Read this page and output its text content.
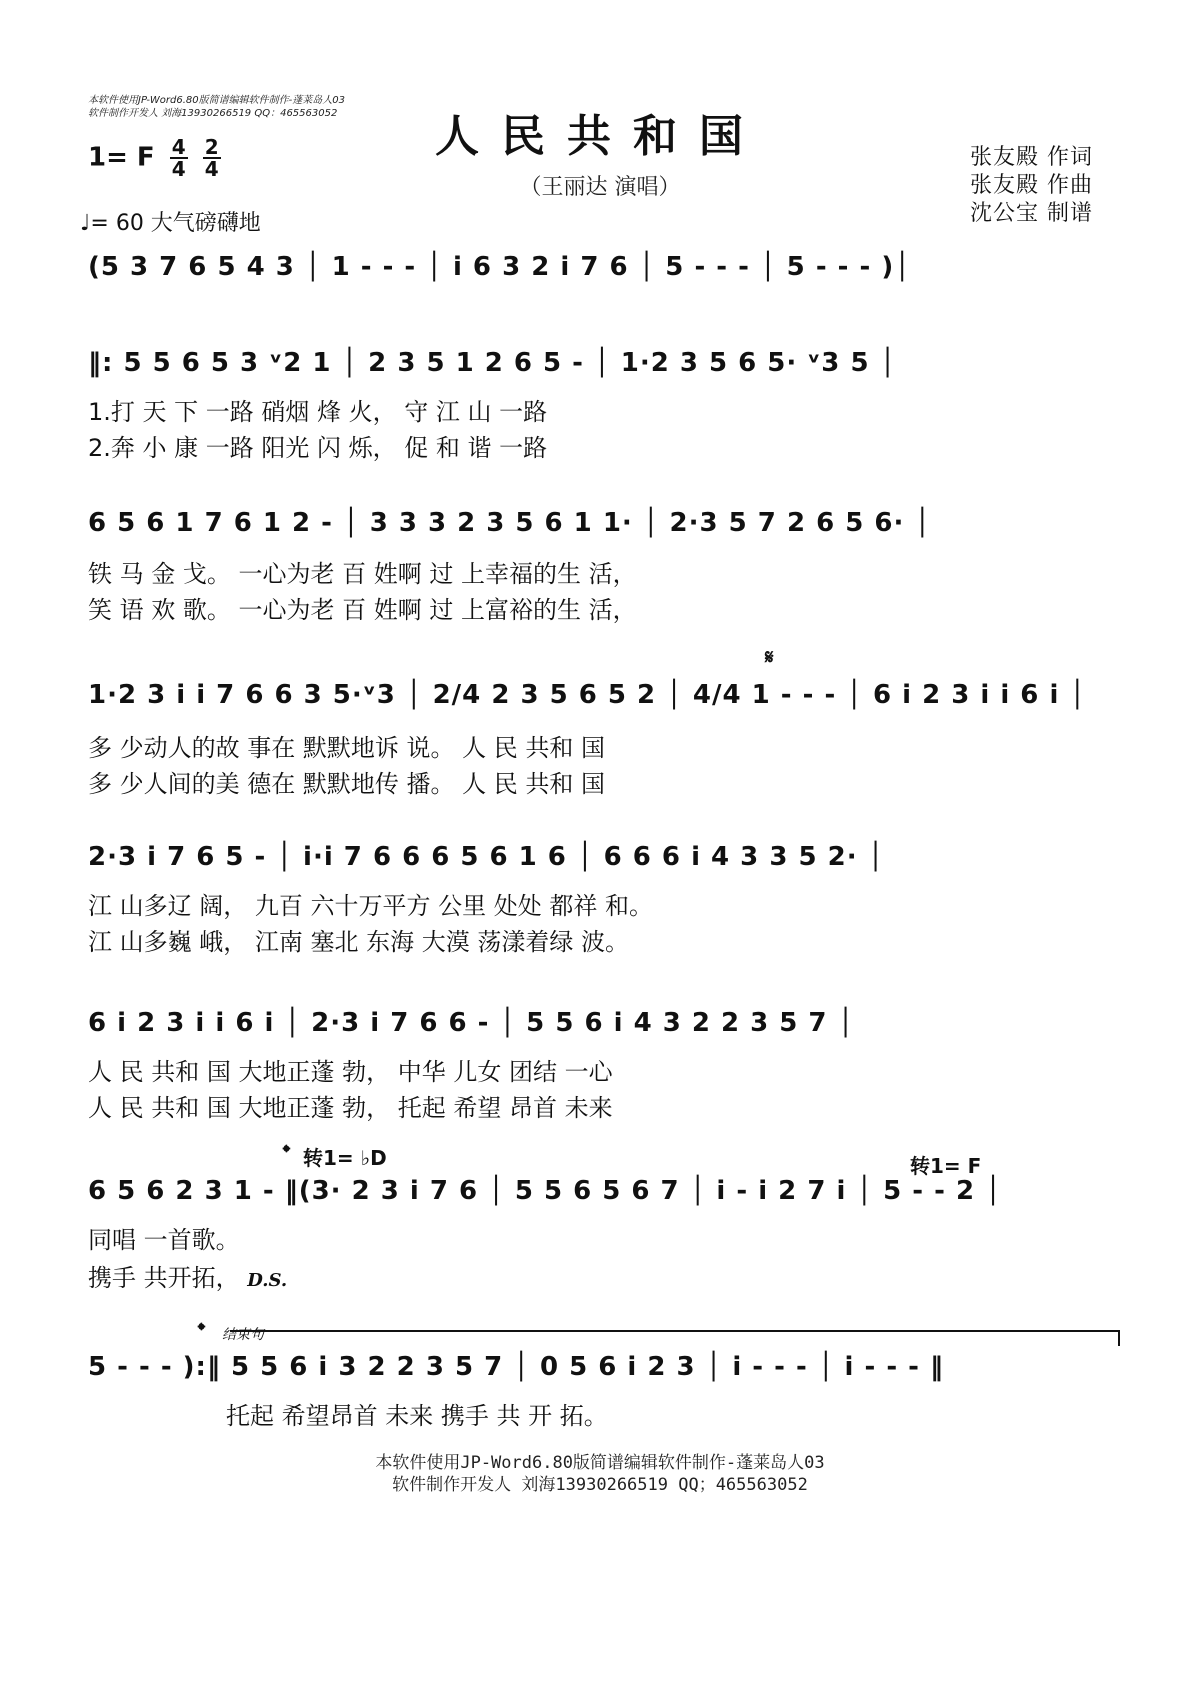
本软件使用JP-Word6.80版简谱编辑软件制作-蓬莱岛人03
软件制作开发人 刘海13930266519 QQ：465563052	人民共和国
（王丽达 演唱）
1= F $\frac{4}{4}$
$\frac{2}{4}$
♩= 60 大气磅礴地
张友殿 作词
张友殿 作曲
沈公宝 制谱
(5 3 7 6 5 4 3 │ 1 - - - │ i 6 3 2 i 7 6 │ 5 - - - │ 5 - - - )│
‖: 5 5 6 5 3 ᵛ2 1 │ 2 3 5 1 2 6 5 - │ 1·2 3 5 6 5· ᵛ3 5 │
1.打 天 下 一路 硝烟 烽 火， 守 江 山 一路
2.奔 小 康 一路 阳光 闪 烁， 促 和 谐 一路
6 5 6 1 7 6 1 2 - │ 3 3 3 2 3 5 6 1 1· │ 2·3 5 7 2 6 5 6· │
铁 马 金 戈。 一心为老 百 姓啊 过 上幸福的生 活，
笑 语 欢 歌。 一心为老 百 姓啊 过 上富裕的生 活，
𝄋
1·2 3 i i 7 6 6 3 5·ᵛ3 │ 2/4 2 3 5 6 5 2 │ 4/4 1 - - - │ 6 i 2 3 i i 6 i │
多 少动人的故 事在 默默地诉 说。 人 民 共和 国
多 少人间的美 德在 默默地传 播。 人 民 共和 国
2·3 i 7 6 5 - │ i·i 7 6 6 6 5 6 1 6 │ 6 6 6 i 4 3 3 5 2· │
江 山多辽 阔， 九百 六十万平方 公里 处处 都祥 和。
江 山多巍 峨， 江南 塞北 东海 大漠 荡漾着绿 波。
6 i 2 3 i i 6 i │ 2·3 i 7 6 6 - │ 5 5 6 i 4 3 2 2 3 5 7 │
人 民 共和 国 大地正蓬 勃， 中华 儿女 团结 一心
人 民 共和 国 大地正蓬 勃， 托起 希望 昂首 未来
𝄌 转1= ♭D	转1= F
6 5 6 2 3 1 - ‖(3· 2 3 i 7 6 │ 5 5 6 5 6 7 │ i - i 2 7 i │ 5 - - 2 │
同唱 一首歌。
携手 共开拓， D.S.
𝄌 结束句
5 - - - ):‖ 5 5 6 i 3 2 2 3 5 7 │ 0 5 6 i 2 3 │ i - - - │ i - - - ‖
托起 希望昂首 未来 携手 共 开 拓。
本软件使用JP-Word6.80版简谱编辑软件制作-蓬莱岛人03
软件制作开发人 刘海13930266519 QQ；465563052
